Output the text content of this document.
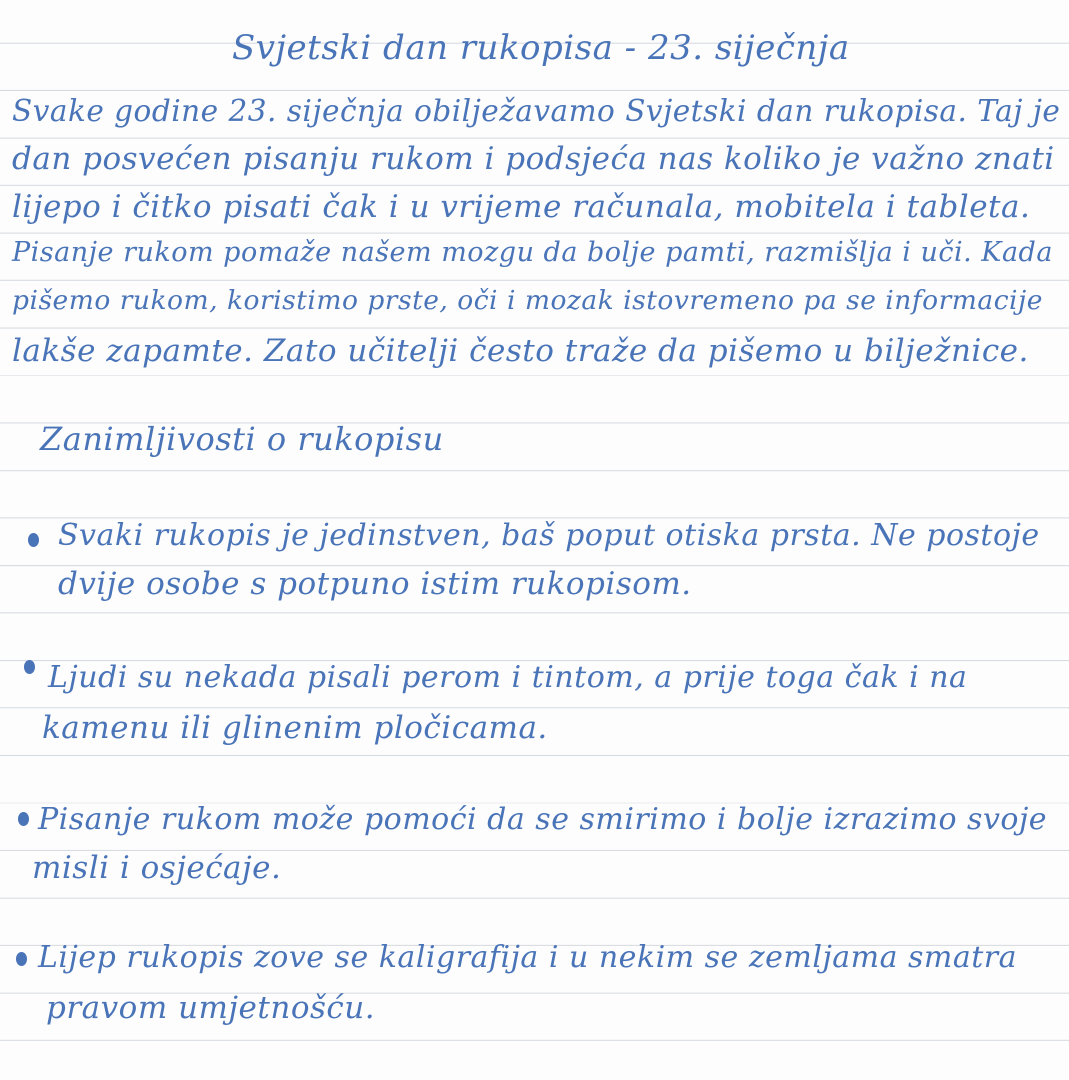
Svjetski dan rukopisa - 23. siječnja
Svake godine 23. siječnja obilježavamo Svjetski dan rukopisa. Taj je
dan posvećen pisanju rukom i podsjeća nas koliko je važno znati
lijepo i čitko pisati čak i u vrijeme računala, mobitela i tableta.
Pisanje rukom pomaže našem mozgu da bolje pamti, razmišlja i uči. Kada
pišemo rukom, koristimo prste, oči i mozak istovremeno pa se informacije
lakše zapamte. Zato učitelji često traže da pišemo u bilježnice.
Zanimljivosti o rukopisu
Svaki rukopis je jedinstven, baš poput otiska prsta. Ne postoje
dvije osobe s potpuno istim rukopisom.
Ljudi su nekada pisali perom i tintom, a prije toga čak i na
kamenu ili glinenim pločicama.
Pisanje rukom može pomoći da se smirimo i bolje izrazimo svoje
misli i osjećaje.
Lijep rukopis zove se kaligrafija i u nekim se zemljama smatra
pravom umjetnošću.
